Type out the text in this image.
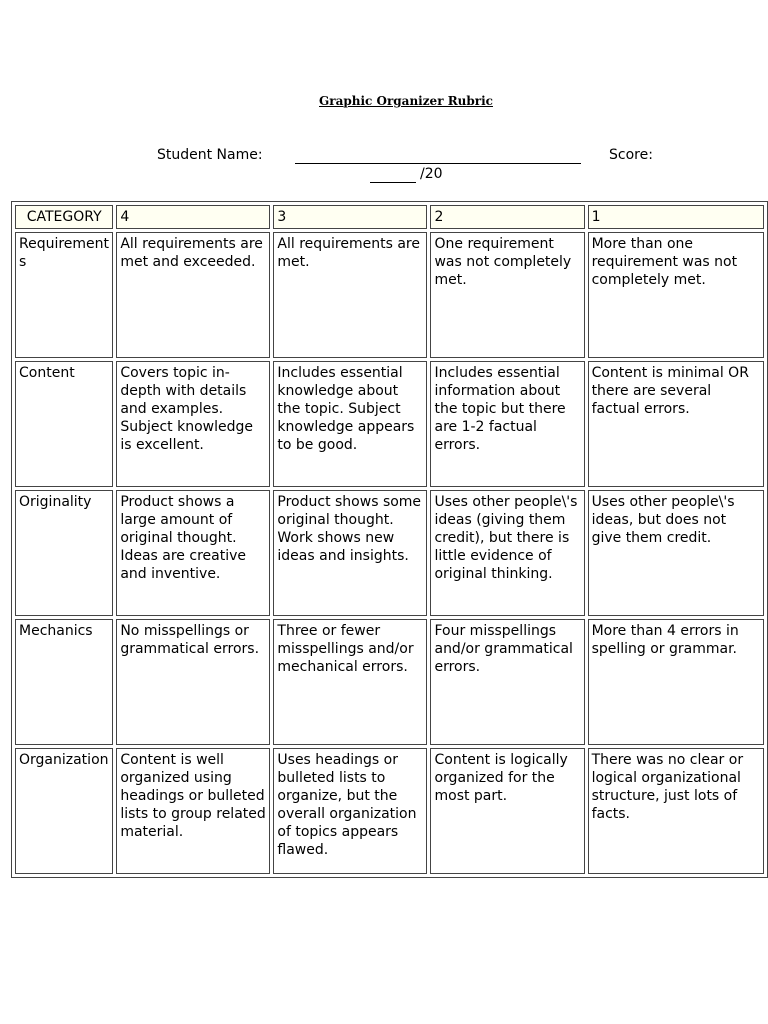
Graphic Organizer Rubric
Student Name:	Score:
/20
CATEGORY	4	3	2	1
Requirements	All requirements are met and exceeded.	All requirements are met.	One requirement was not completely met.	More than one requirement was not completely met.
Content	Covers topic in-depth with details and examples. Subject knowledge is excellent.	Includes essential knowledge about the topic. Subject knowledge appears to be good.	Includes essential information about the topic but there are 1-2 factual errors.	Content is minimal OR there are several factual errors.
Originality	Product shows a large amount of original thought. Ideas are creative and inventive.	Product shows some original thought. Work shows new ideas and insights.	Uses other people\'s ideas (giving them credit), but there is little evidence of original thinking.	Uses other people\'s ideas, but does not give them credit.
Mechanics	No misspellings or grammatical errors.	Three or fewer misspellings and/or mechanical errors.	Four misspellings and/or grammatical errors.	More than 4 errors in spelling or grammar.
Organization	Content is well organized using headings or bulleted lists to group related material.	Uses headings or bulleted lists to organize, but the overall organization of topics appears flawed.	Content is logically organized for the most part.	There was no clear or logical organizational structure, just lots of facts.
